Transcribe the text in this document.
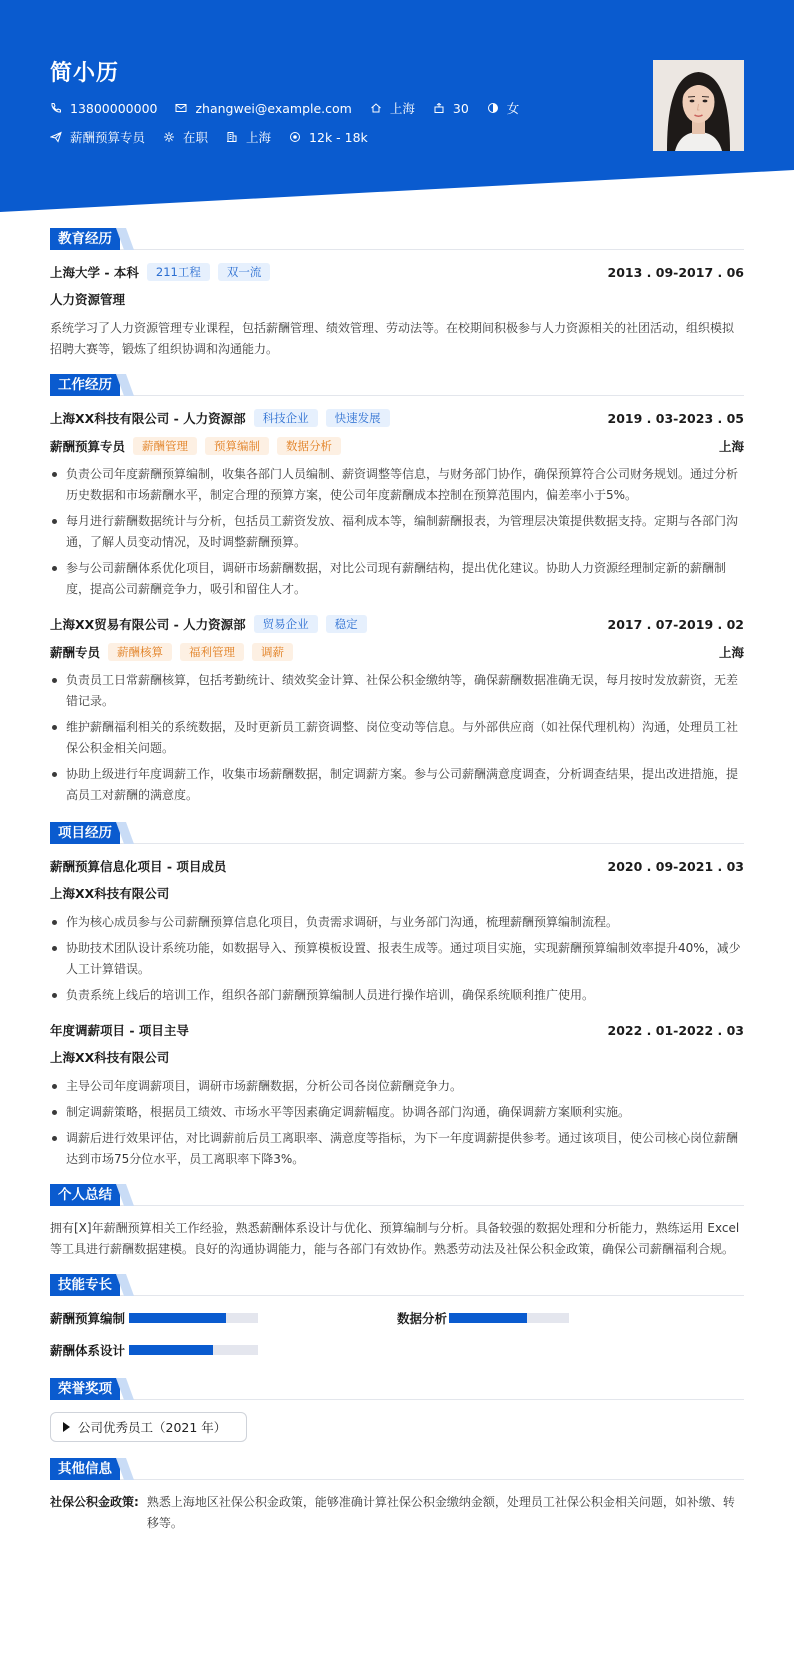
简小历
13800000000	zhangwei@example.com	上海	30	女
薪酬预算专员	在职	上海	12k - 18k
教育经历
上海大学 - 本科	211工程	双一流	2013 . 09-2017 . 06
人力资源管理
系统学习了人力资源管理专业课程，包括薪酬管理、绩效管理、劳动法等。在校期间积极参与人力资源相关的社团活动，组织模拟招聘大赛等，锻炼了组织协调和沟通能力。
工作经历
上海XX科技有限公司 - 人力资源部	科技企业	快速发展	2019 . 03-2023 . 05
薪酬预算专员	薪酬管理	预算编制	数据分析	上海
负责公司年度薪酬预算编制，收集各部门人员编制、薪资调整等信息，与财务部门协作，确保预算符合公司财务规划。通过分析历史数据和市场薪酬水平，制定合理的预算方案，使公司年度薪酬成本控制在预算范围内，偏差率小于5%。
每月进行薪酬数据统计与分析，包括员工薪资发放、福利成本等，编制薪酬报表，为管理层决策提供数据支持。定期与各部门沟通，了解人员变动情况，及时调整薪酬预算。
参与公司薪酬体系优化项目，调研市场薪酬数据，对比公司现有薪酬结构，提出优化建议。协助人力资源经理制定新的薪酬制度，提高公司薪酬竞争力，吸引和留住人才。
上海XX贸易有限公司 - 人力资源部	贸易企业	稳定	2017 . 07-2019 . 02
薪酬专员	薪酬核算	福利管理	调薪	上海
负责员工日常薪酬核算，包括考勤统计、绩效奖金计算、社保公积金缴纳等，确保薪酬数据准确无误，每月按时发放薪资，无差错记录。
维护薪酬福利相关的系统数据，及时更新员工薪资调整、岗位变动等信息。与外部供应商（如社保代理机构）沟通，处理员工社保公积金相关问题。
协助上级进行年度调薪工作，收集市场薪酬数据，制定调薪方案。参与公司薪酬满意度调查，分析调查结果，提出改进措施，提高员工对薪酬的满意度。
项目经历
薪酬预算信息化项目 - 项目成员	2020 . 09-2021 . 03
上海XX科技有限公司
作为核心成员参与公司薪酬预算信息化项目，负责需求调研，与业务部门沟通，梳理薪酬预算编制流程。
协助技术团队设计系统功能，如数据导入、预算模板设置、报表生成等。通过项目实施，实现薪酬预算编制效率提升40%，减少人工计算错误。
负责系统上线后的培训工作，组织各部门薪酬预算编制人员进行操作培训，确保系统顺利推广使用。
年度调薪项目 - 项目主导	2022 . 01-2022 . 03
上海XX科技有限公司
主导公司年度调薪项目，调研市场薪酬数据，分析公司各岗位薪酬竞争力。
制定调薪策略，根据员工绩效、市场水平等因素确定调薪幅度。协调各部门沟通，确保调薪方案顺利实施。
调薪后进行效果评估，对比调薪前后员工离职率、满意度等指标，为下一年度调薪提供参考。通过该项目，使公司核心岗位薪酬达到市场75分位水平，员工离职率下降3%。
个人总结
拥有[X]年薪酬预算相关工作经验，熟悉薪酬体系设计与优化、预算编制与分析。具备较强的数据处理和分析能力，熟练运用 Excel 等工具进行薪酬数据建模。良好的沟通协调能力，能与各部门有效协作。熟悉劳动法及社保公积金政策，确保公司薪酬福利合规。
技能专长
薪酬预算编制	数据分析
薪酬体系设计
荣誉奖项
公司优秀员工（2021 年）
其他信息
社保公积金政策: 熟悉上海地区社保公积金政策，能够准确计算社保公积金缴纳金额，处理员工社保公积金相关问题，如补缴、转移等。
